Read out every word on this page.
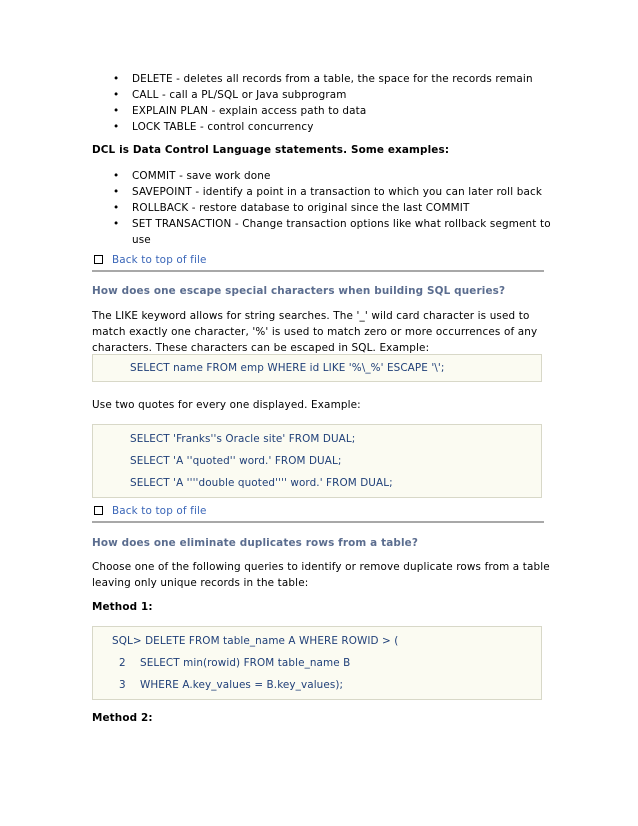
• DELETE - deletes all records from a table, the space for the records remain
• CALL - call a PL/SQL or Java subprogram
• EXPLAIN PLAN - explain access path to data
• LOCK TABLE - control concurrency
DCL is Data Control Language statements. Some examples:
• COMMIT - save work done
• SAVEPOINT - identify a point in a transaction to which you can later roll back
• ROLLBACK - restore database to original since the last COMMIT
• SET TRANSACTION - Change transaction options like what rollback segment to use
Back to top of file
How does one escape special characters when building SQL queries?
The LIKE keyword allows for string searches. The '_' wild card character is used to match exactly one character, '%' is used to match zero or more occurrences of any characters. These characters can be escaped in SQL. Example:
SELECT name FROM emp WHERE id LIKE '%\_%' ESCAPE '\';
Use two quotes for every one displayed. Example:
SELECT 'Franks''s Oracle site' FROM DUAL;
SELECT 'A ''quoted'' word.' FROM DUAL;
SELECT 'A ''''double quoted'''' word.' FROM DUAL;
Back to top of file
How does one eliminate duplicates rows from a table?
Choose one of the following queries to identify or remove duplicate rows from a table leaving only unique records in the table:
Method 1:
SQL> DELETE FROM table_name A WHERE ROWID > (
2 SELECT min(rowid) FROM table_name B
3 WHERE A.key_values = B.key_values);
Method 2:
